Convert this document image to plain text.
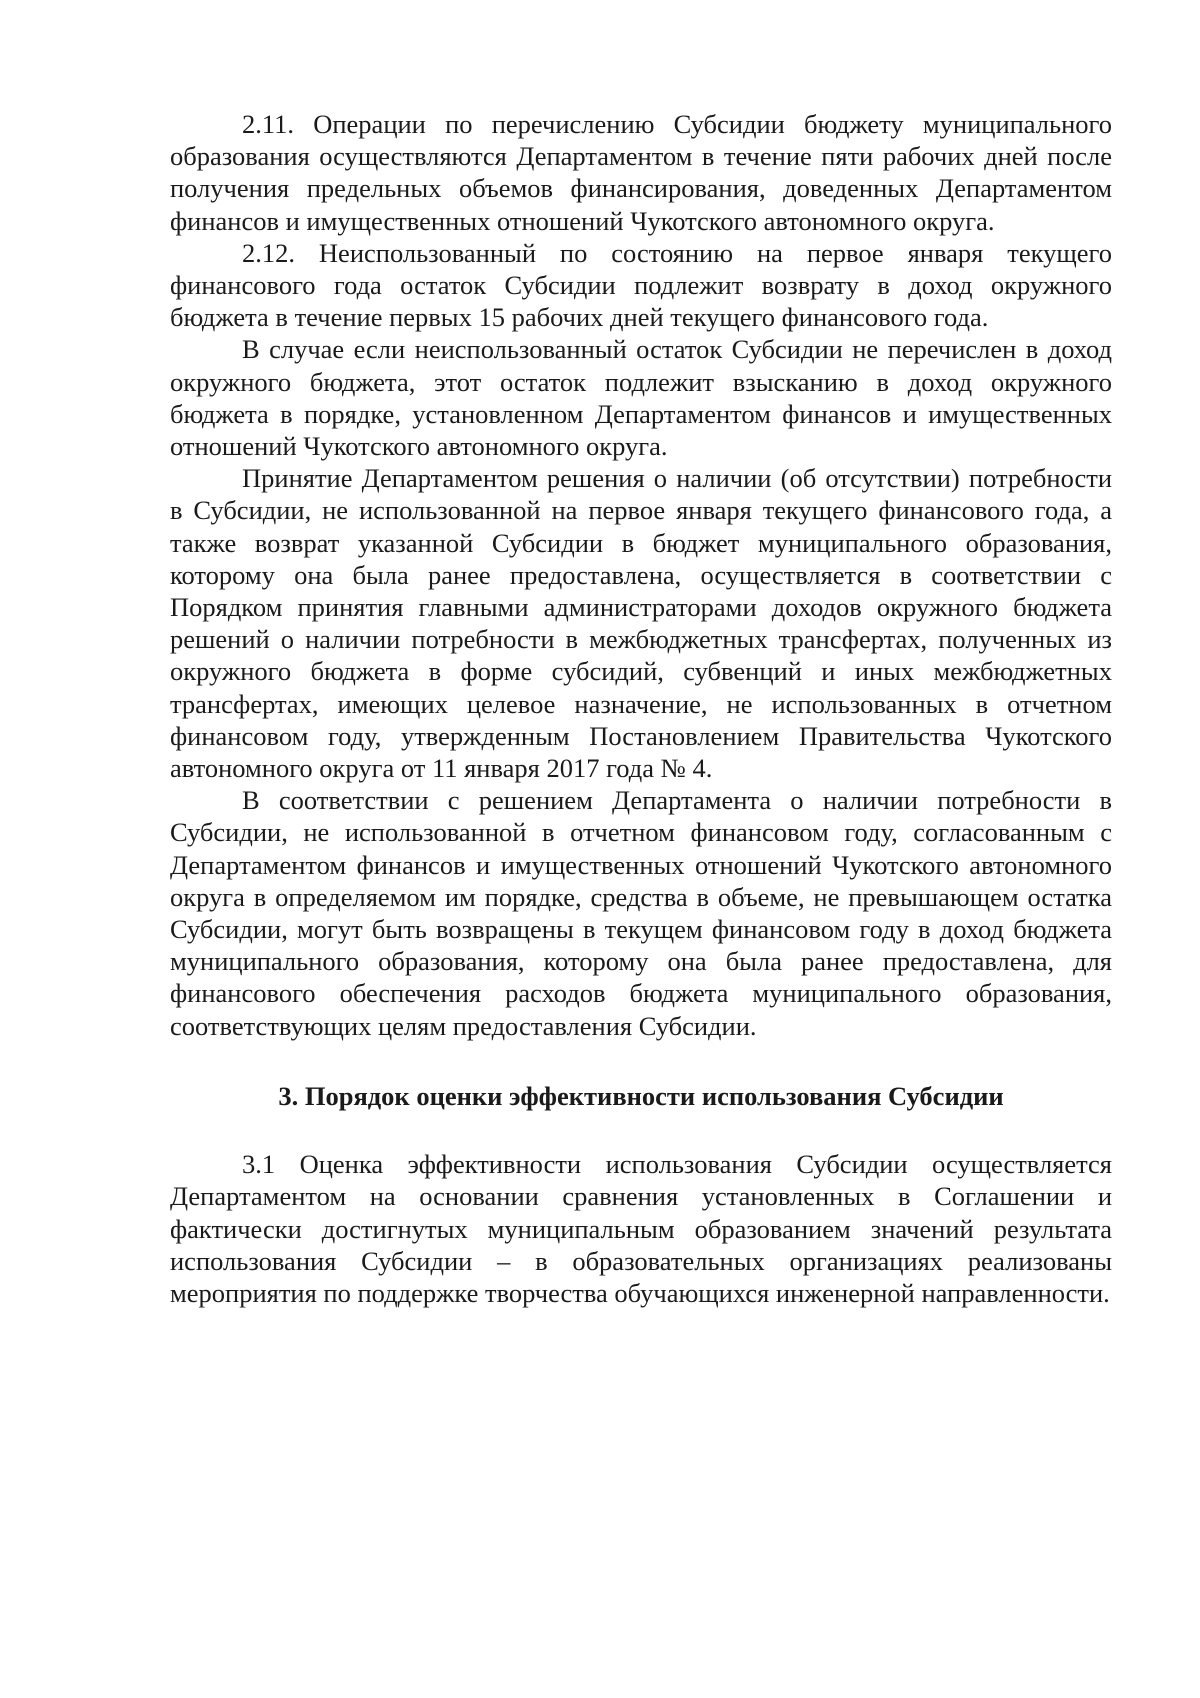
2.11. Операции по перечислению Субсидии бюджету муниципального образования осуществляются Департаментом в течение пяти рабочих дней после получения предельных объемов финансирования, доведенных Департаментом финансов и имущественных отношений Чукотского автономного округа.

2.12. Неиспользованный по состоянию на первое января текущего финансового года остаток Субсидии подлежит возврату в доход окружного бюджета в течение первых 15 рабочих дней текущего финансового года.

В случае если неиспользованный остаток Субсидии не перечислен в доход окружного бюджета, этот остаток подлежит взысканию в доход окружного бюджета в порядке, установленном Департаментом финансов и имущественных отношений Чукотского автономного округа.

Принятие Департаментом решения о наличии (об отсутствии) потребности в Субсидии, не использованной на первое января текущего финансового года, а также возврат указанной Субсидии в бюджет муниципального образования, которому она была ранее предоставлена, осуществляется в соответствии с Порядком принятия главными администраторами доходов окружного бюджета решений о наличии потребности в межбюджетных трансфертах, полученных из окружного бюджета в форме субсидий, субвенций и иных межбюджетных трансфертах, имеющих целевое назначение, не использованных в отчетном финансовом году, утвержденным Постановлением Правительства Чукотского автономного округа от 11 января 2017 года № 4.

В соответствии с решением Департамента о наличии потребности в Субсидии, не использованной в отчетном финансовом году, согласованным с Департаментом финансов и имущественных отношений Чукотского автономного округа в определяемом им порядке, средства в объеме, не превышающем остатка Субсидии, могут быть возвращены в текущем финансовом году в доход бюджета муниципального образования, которому она была ранее предоставлена, для финансового обеспечения расходов бюджета муниципального образования, соответствующих целям предоставления Субсидии.

3. Порядок оценки эффективности использования Субсидии

3.1 Оценка эффективности использования Субсидии осуществляется Департаментом на основании сравнения установленных в Соглашении и фактически достигнутых муниципальным образованием значений результата использования Субсидии – в образовательных организациях реализованы мероприятия по поддержке творчества обучающихся инженерной направленности.
